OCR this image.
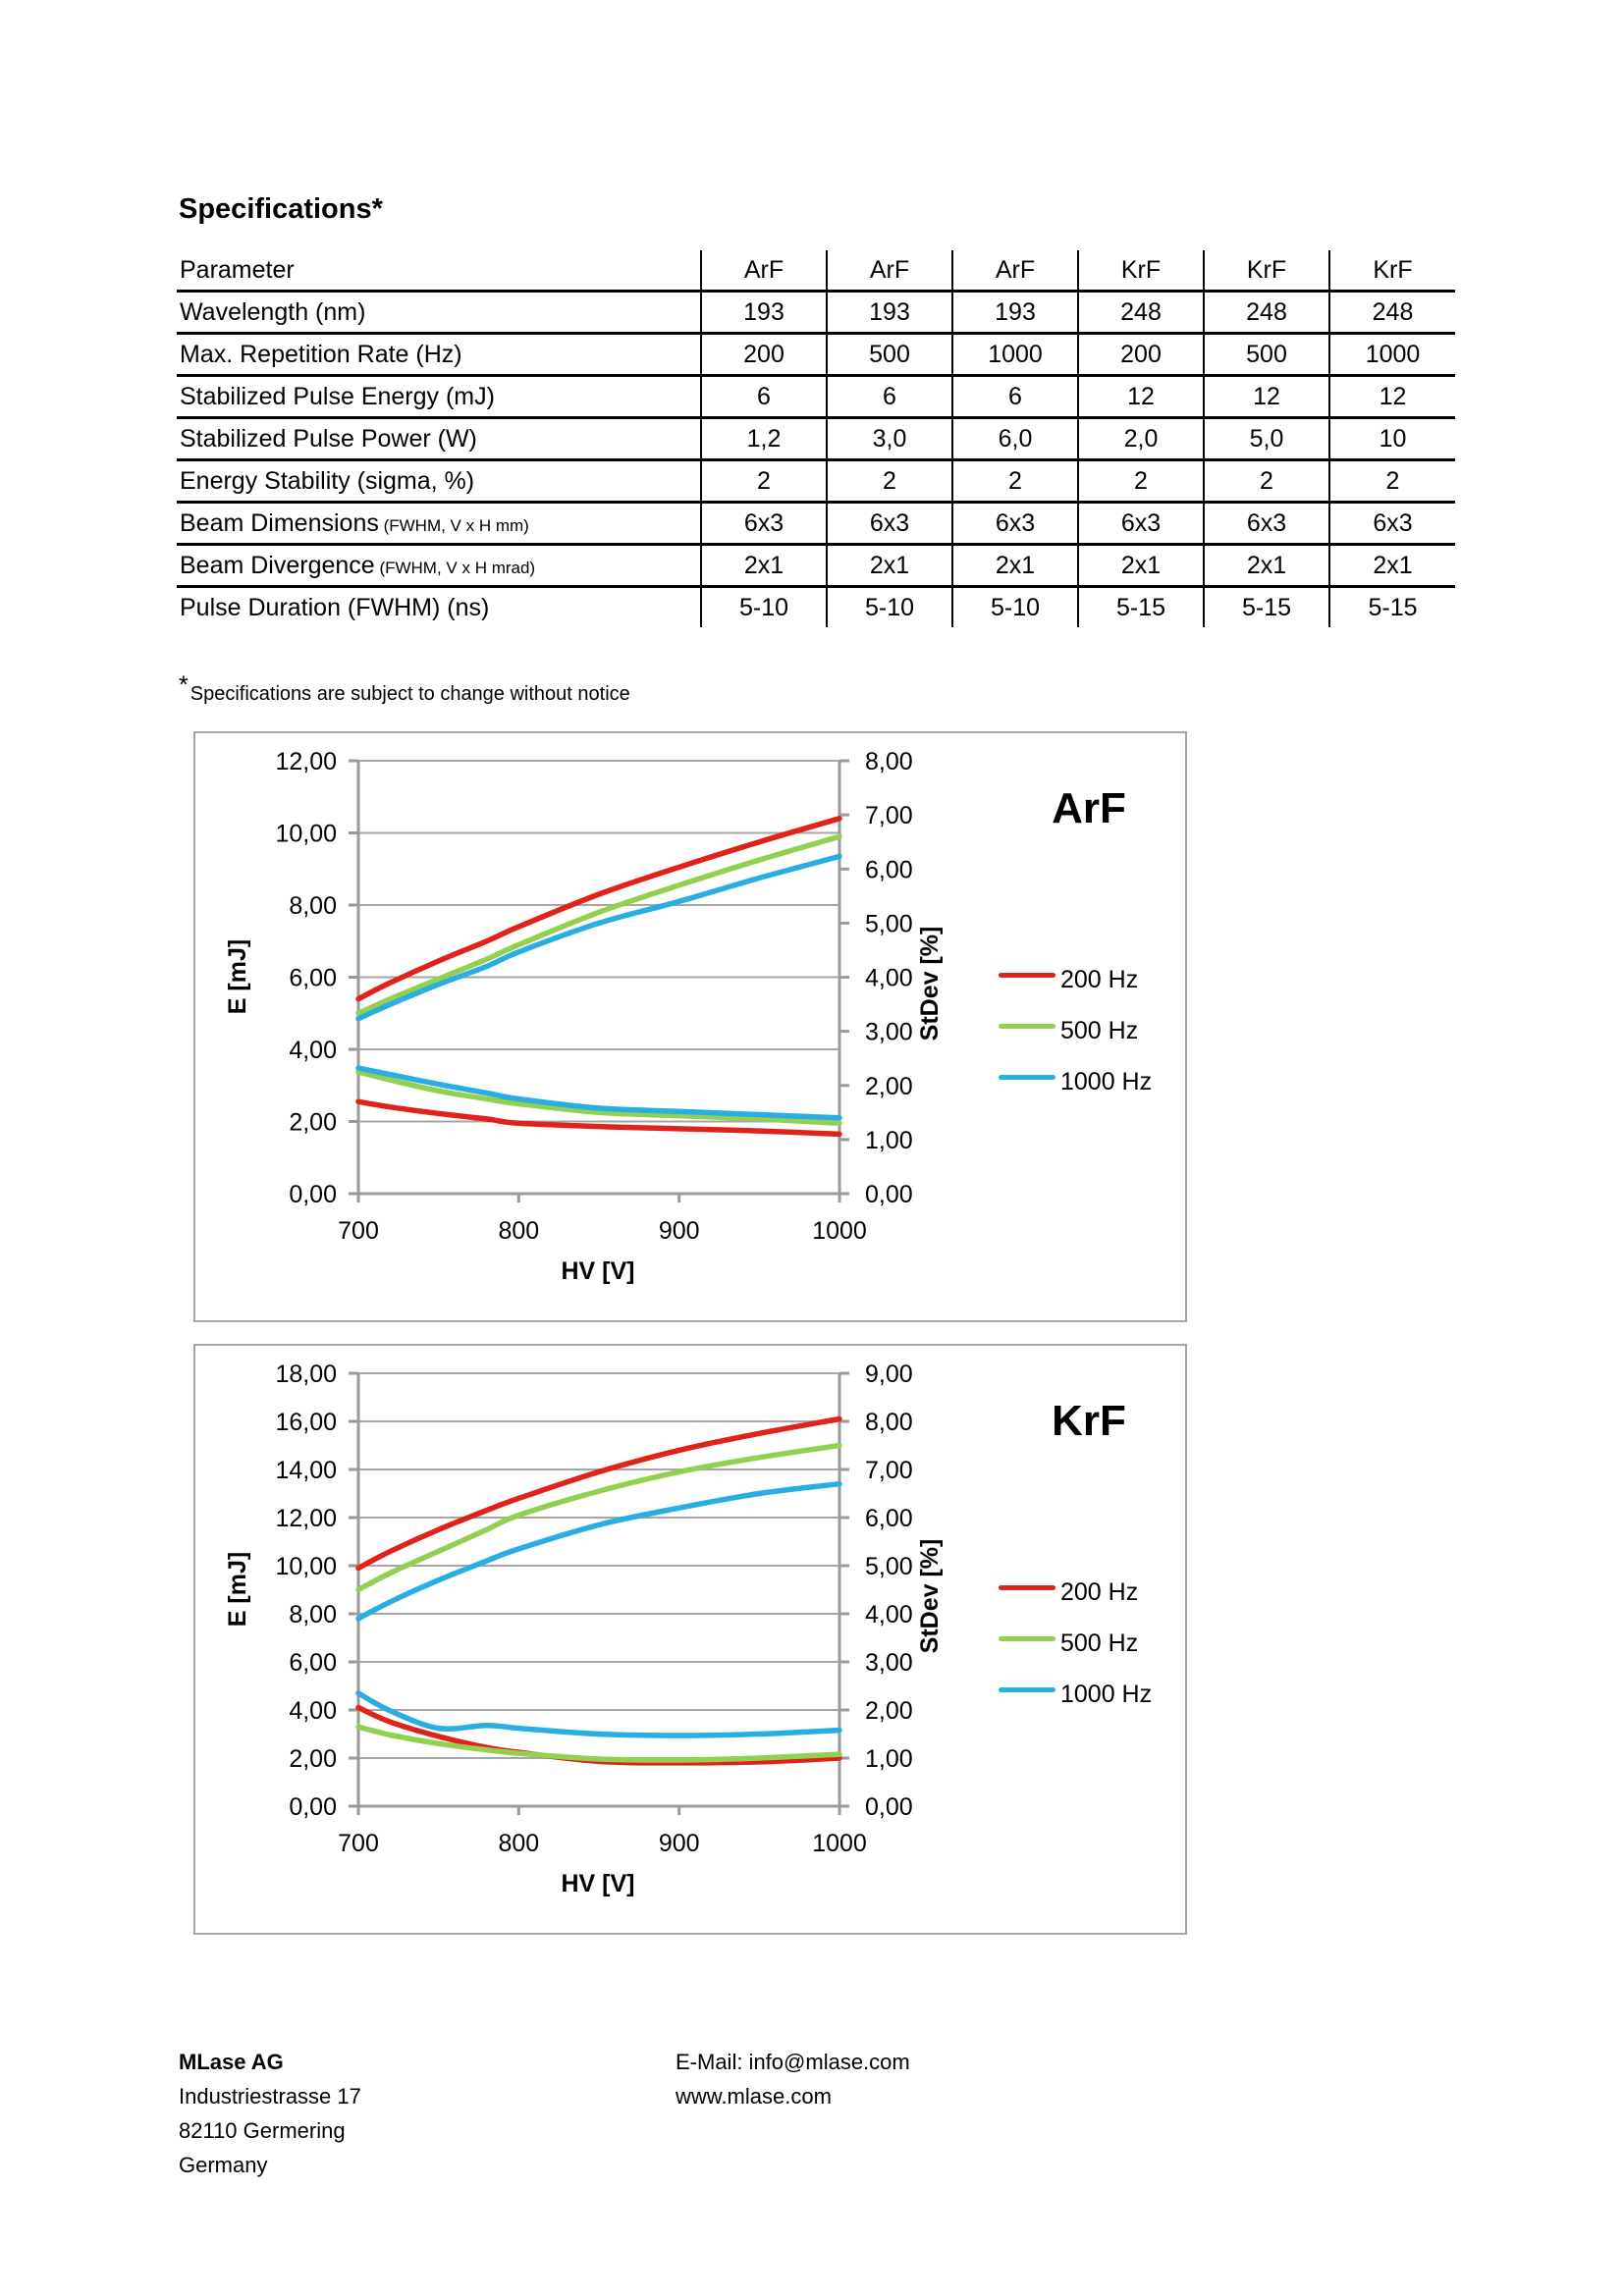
Specifications*
Parameter	ArF	ArF	ArF	KrF	KrF	KrF
Wavelength (nm)	193	193	193	248	248	248
Max. Repetition Rate (Hz)	200	500	1000	200	500	1000
Stabilized Pulse Energy (mJ)	6	6	6	12	12	12
Stabilized Pulse Power (W)	1,2	3,0	6,0	2,0	5,0	10
Energy Stability (sigma, %)	2	2	2	2	2	2
Beam Dimensions (FWHM, V x H mm)	6x3	6x3	6x3	6x3	6x3	6x3
Beam Divergence (FWHM, V x H mrad)	2x1	2x1	2x1	2x1	2x1	2x1
Pulse Duration (FWHM) (ns)	5-10	5-10	5-10	5-15	5-15	5-15
* Specifications are subject to change without notice
0,00
2,00
4,00
6,00
8,00
10,00
12,00
0,00
1,00
2,00
3,00
4,00
5,00
6,00
7,00
8,00
700	800	900	1000
ArF
E [mJ]	StDev [%]
HV [V]
200 Hz
500 Hz
1000 Hz
0,00
2,00
4,00
6,00
8,00
10,00
12,00
14,00
16,00
18,00
0,00
1,00
2,00
3,00
4,00
5,00
6,00
7,00
8,00
9,00
700	800	900	1000
KrF
E [mJ]	StDev [%]
HV [V]
200 Hz
500 Hz
1000 Hz
MLase AG
Industriestrasse 17
82110 Germering
Germany
E-Mail: info@mlase.com
www.mlase.com
